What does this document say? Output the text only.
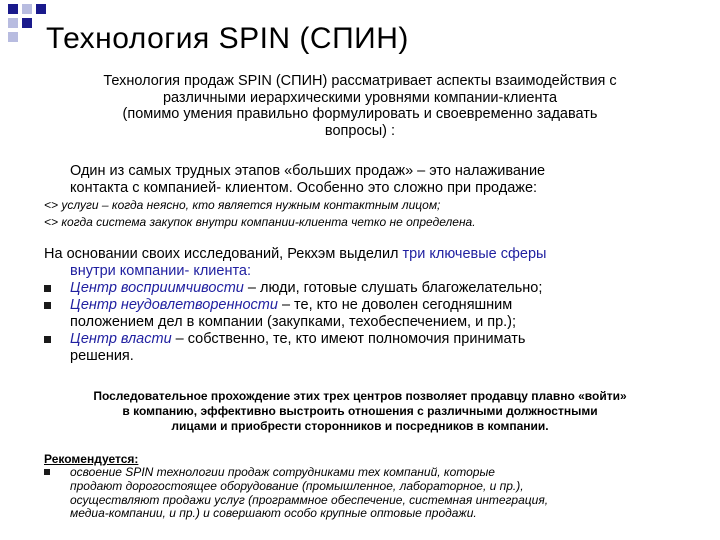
Технология SPIN (СПИН)
Технология продаж SPIN (СПИН) рассматривает аспекты взаимодействия с
различными иерархическими уровнями компании-клиента
(помимо умения правильно формулировать и своевременно задавать
вопросы) :
Один из самых трудных этапов «больших продаж» – это налаживание
контакта с компанией- клиентом. Особенно это сложно при продаже:
<> услуги – когда неясно, кто является нужным контактным лицом;
<> когда система закупок внутри компании-клиента четко не определена.
На основании своих исследований, Рекхэм выделил три ключевые сферы
внутри компании- клиента:
Центр восприимчивости – люди, готовые слушать благожелательно;
Центр неудовлетворенности – те, кто не доволен сегодняшним
положением дел в компании (закупками, техобеспечением, и пр.);
Центр власти – собственно, те, кто имеют полномочия принимать
решения.
Последовательное прохождение этих трех центров позволяет продавцу плавно «войти»
в компанию, эффективно выстроить отношения с различными должностными
лицами и приобрести сторонников и посредников в компании.
Рекомендуется:
освоение SPIN технологии продаж сотрудниками тех компаний, которые
продают дорогостоящее оборудование (промышленное, лабораторное, и пр.),
осуществляют продажи услуг (программное обеспечение, системная интеграция,
медиа-компании, и пр.) и совершают особо крупные оптовые продажи.
